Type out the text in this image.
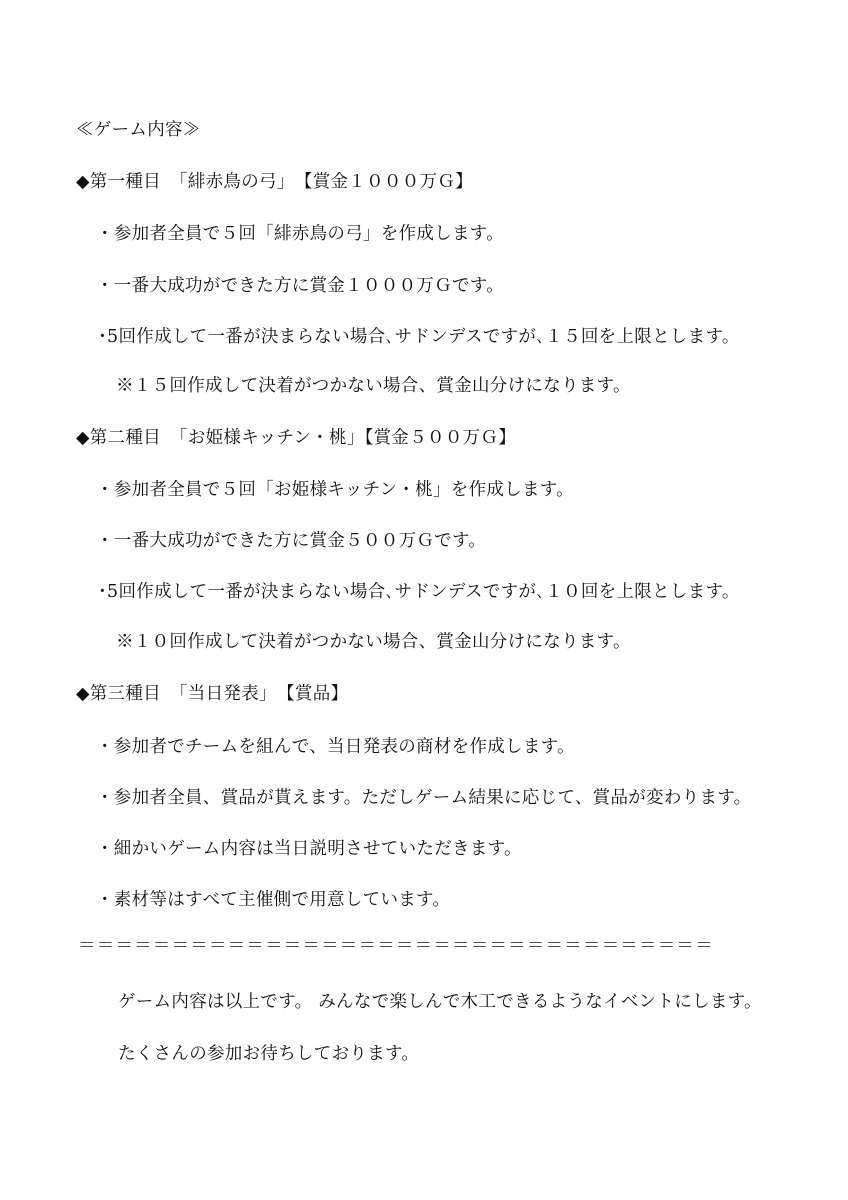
≪ゲーム内容≫
◆第一種目　「緋赤鳥の弓」　【賞金１０００万Ｇ】
・参加者全員で５回「緋赤鳥の弓」を作成します。
・一番大成功ができた方に賞金１０００万Ｇです。
･5回作成して一番が決まらない場合､サドンデスですが､１５回を上限とします。
※１５回作成して決着がつかない場合、賞金山分けになります。
◆第二種目　「お姫様キッチン・桃」【賞金５００万Ｇ】
・参加者全員で５回「お姫様キッチン・桃」を作成します。
・一番大成功ができた方に賞金５００万Ｇです。
･5回作成して一番が決まらない場合､サドンデスですが､１０回を上限とします。
※１０回作成して決着がつかない場合、賞金山分けになります。
◆第三種目　「当日発表」　【賞品】
・参加者でチームを組んで、当日発表の商材を作成します。
・参加者全員、賞品が貰えます。ただしゲーム結果に応じて、賞品が変わります。
・細かいゲーム内容は当日説明させていただきます。
・素材等はすべて主催側で用意しています。
＝＝＝＝＝＝＝＝＝＝＝＝＝＝＝＝＝＝＝＝＝＝＝＝＝＝＝＝＝＝＝＝＝＝
ゲーム内容は以上です。 みんなで楽しんで木工できるようなイベントにします。
たくさんの参加お待ちしております。
